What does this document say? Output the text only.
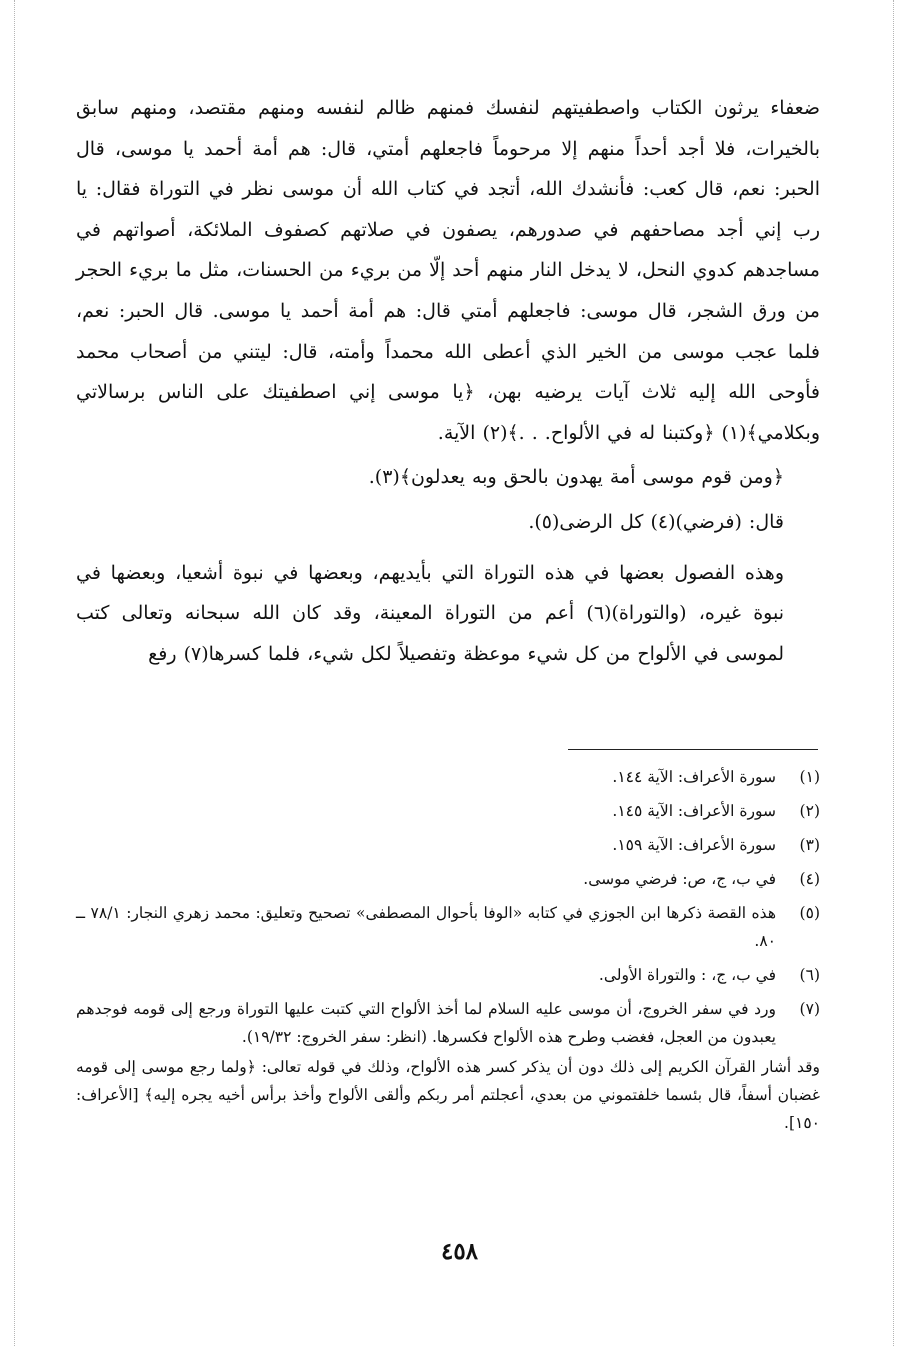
ضعفاء يرثون الكتاب واصطفيتهم لنفسك فمنهم ظالم لنفسه ومنهم مقتصد، ومنهم سابق بالخيرات، فلا أجد أحداً منهم إلا مرحوماً فاجعلهم أمتي، قال: هم أمة أحمد يا موسى، قال الحبر: نعم، قال كعب: فأنشدك الله، أتجد في كتاب الله أن موسى نظر في التوراة فقال: يا رب إني أجد مصاحفهم في صدورهم، يصفون في صلاتهم كصفوف الملائكة، أصواتهم في مساجدهم كدوي النحل، لا يدخل النار منهم أحد إلّا من بريء من الحسنات، مثل ما بريء الحجر من ورق الشجر، قال موسى: فاجعلهم أمتي قال: هم أمة أحمد يا موسى. قال الحبر: نعم، فلما عجب موسى من الخير الذي أعطى الله محمداً وأمته، قال: ليتني من أصحاب محمد فأوحى الله إليه ثلاث آيات يرضيه بهن، ﴿يا موسى إني اصطفيتك على الناس برسالاتي وبكلامي﴾(١) ﴿وكتبنا له في الألواح. . .﴾(٢) الآية.

﴿ومن قوم موسى أمة يهدون بالحق وبه يعدلون﴾(٣).

قال: (فرضي)(٤) كل الرضى(٥).

وهذه الفصول بعضها في هذه التوراة التي بأيديهم، وبعضها في نبوة أشعيا، وبعضها في نبوة غيره، (والتوراة)(٦) أعم من التوراة المعينة، وقد كان الله سبحانه وتعالى كتب لموسى في الألواح من كل شيء موعظة وتفصيلاً لكل شيء، فلما كسرها(٧) رفع

(١)
سورة الأعراف: الآية ١٤٤.
(٢)
سورة الأعراف: الآية ١٤٥.
(٣)
سورة الأعراف: الآية ١٥٩.
(٤)
في ب، ج، ص: فرضي موسى.
(٥)
هذه القصة ذكرها ابن الجوزي في كتابه «الوفا بأحوال المصطفى» تصحيح وتعليق: محمد زهري النجار: ٧٨/١ ــ ٨٠.
(٦)
في ب، ج، : والتوراة الأولى.
(٧)
ورد في سفر الخروج، أن موسى عليه السلام لما أخذ الألواح التي كتبت عليها التوراة ورجع إلى قومه فوجدهم يعبدون من العجل، فغضب وطرح هذه الألواح فكسرها. (انظر: سفر الخروج: ١٩/٣٢).

وقد أشار القرآن الكريم إلى ذلك دون أن يذكر كسر هذه الألواح، وذلك في قوله تعالى: ﴿ولما رجع موسى إلى قومه غضبان أسفاً، قال بئسما خلفتموني من بعدي، أعجلتم أمر ربكم وألقى الألواح وأخذ برأس أخيه يجره إليه﴾ [الأعراف: ١٥٠].

٤٥٨
